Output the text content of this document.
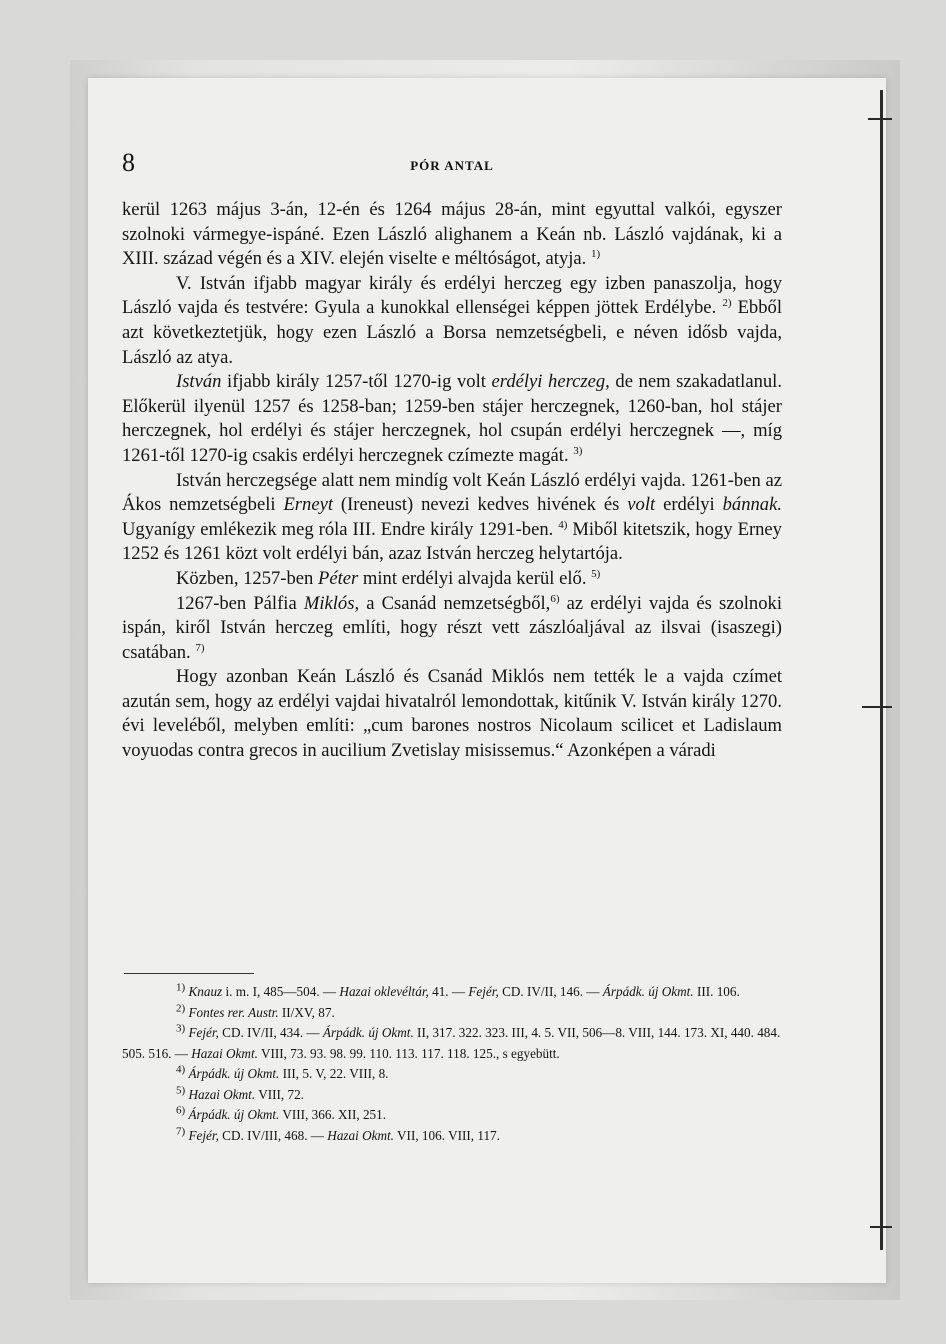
8	PÓR ANTAL

kerül 1263 május 3-án, 12-én és 1264 május 28-án, mint egyuttal valkói, egyszer szolnoki vármegye-ispáné. Ezen László alighanem a Keán nb. László vajdának, ki a XIII. század végén és a XIV. elején viselte e méltóságot, atyja. $^{1)}$

V. István ifjabb magyar király és erdélyi herczeg egy izben panaszolja, hogy László vajda és testvére: Gyula a kunokkal ellenségei képpen jöttek Erdélybe. $^{2)}$ Ebből azt következtetjük, hogy ezen László a Borsa nemzetségbeli, e néven idősb vajda, László az atya.

István ifjabb király 1257-től 1270-ig volt erdélyi herczeg, de nem szakadatlanul. Előkerül ilyenül 1257 és 1258-ban; 1259-ben stájer herczegnek, 1260-ban, hol stájer herczegnek, hol erdélyi és stájer herczegnek, hol csupán erdélyi herczegnek —, míg 1261-től 1270-ig csakis erdélyi herczegnek czímezte magát. $^{3)}$

István herczegsége alatt nem mindíg volt Keán László erdélyi vajda. 1261-ben az Ákos nemzetségbeli Erneyt (Ireneust) nevezi kedves hivének és volt erdélyi bánnak. Ugyanígy emlékezik meg róla III. Endre király 1291-ben. $^{4)}$ Miből kitetszik, hogy Erney 1252 és 1261 közt volt erdélyi bán, azaz István herczeg helytartója.

Közben, 1257-ben Péter mint erdélyi alvajda kerül elő. $^{5)}$

1267-ben Pálfia Miklós, a Csanád nemzetségből,$^{6)}$ az erdélyi vajda és szolnoki ispán, kiről István herczeg említi, hogy részt vett zászlóaljával az ilsvai (isaszegi) csatában. $^{7)}$

Hogy azonban Keán László és Csanád Miklós nem tették le a vajda czímet azután sem, hogy az erdélyi vajdai hivatalról lemondottak, kitűnik V. István király 1270. évi leveléből, melyben említi: „cum barones nostros Nicolaum scilicet et Ladislaum voyuodas contra grecos in aucilium Zvetislay misissemus.“ Azonképen a váradi

$^{1)}$ Knauz i. m. I, 485—504. — Hazai oklevéltár, 41. — Fejér, CD. IV/II, 146. — Árpádk. új Okmt. III. 106.

$^{2)}$ Fontes rer. Austr. II/XV, 87.

$^{3)}$ Fejér, CD. IV/II, 434. — Árpádk. új Okmt. II, 317. 322. 323. III, 4. 5. VII, 506—8. VIII, 144. 173. XI, 440. 484. 505. 516. — Hazai Okmt. VIII, 73. 93. 98. 99. 110. 113. 117. 118. 125., s egyebütt.

$^{4)}$ Árpádk. új Okmt. III, 5. V, 22. VIII, 8.

$^{5)}$ Hazai Okmt. VIII, 72.

$^{6)}$ Árpádk. új Okmt. VIII, 366. XII, 251.

$^{7)}$ Fejér, CD. IV/III, 468. — Hazai Okmt. VII, 106. VIII, 117.
